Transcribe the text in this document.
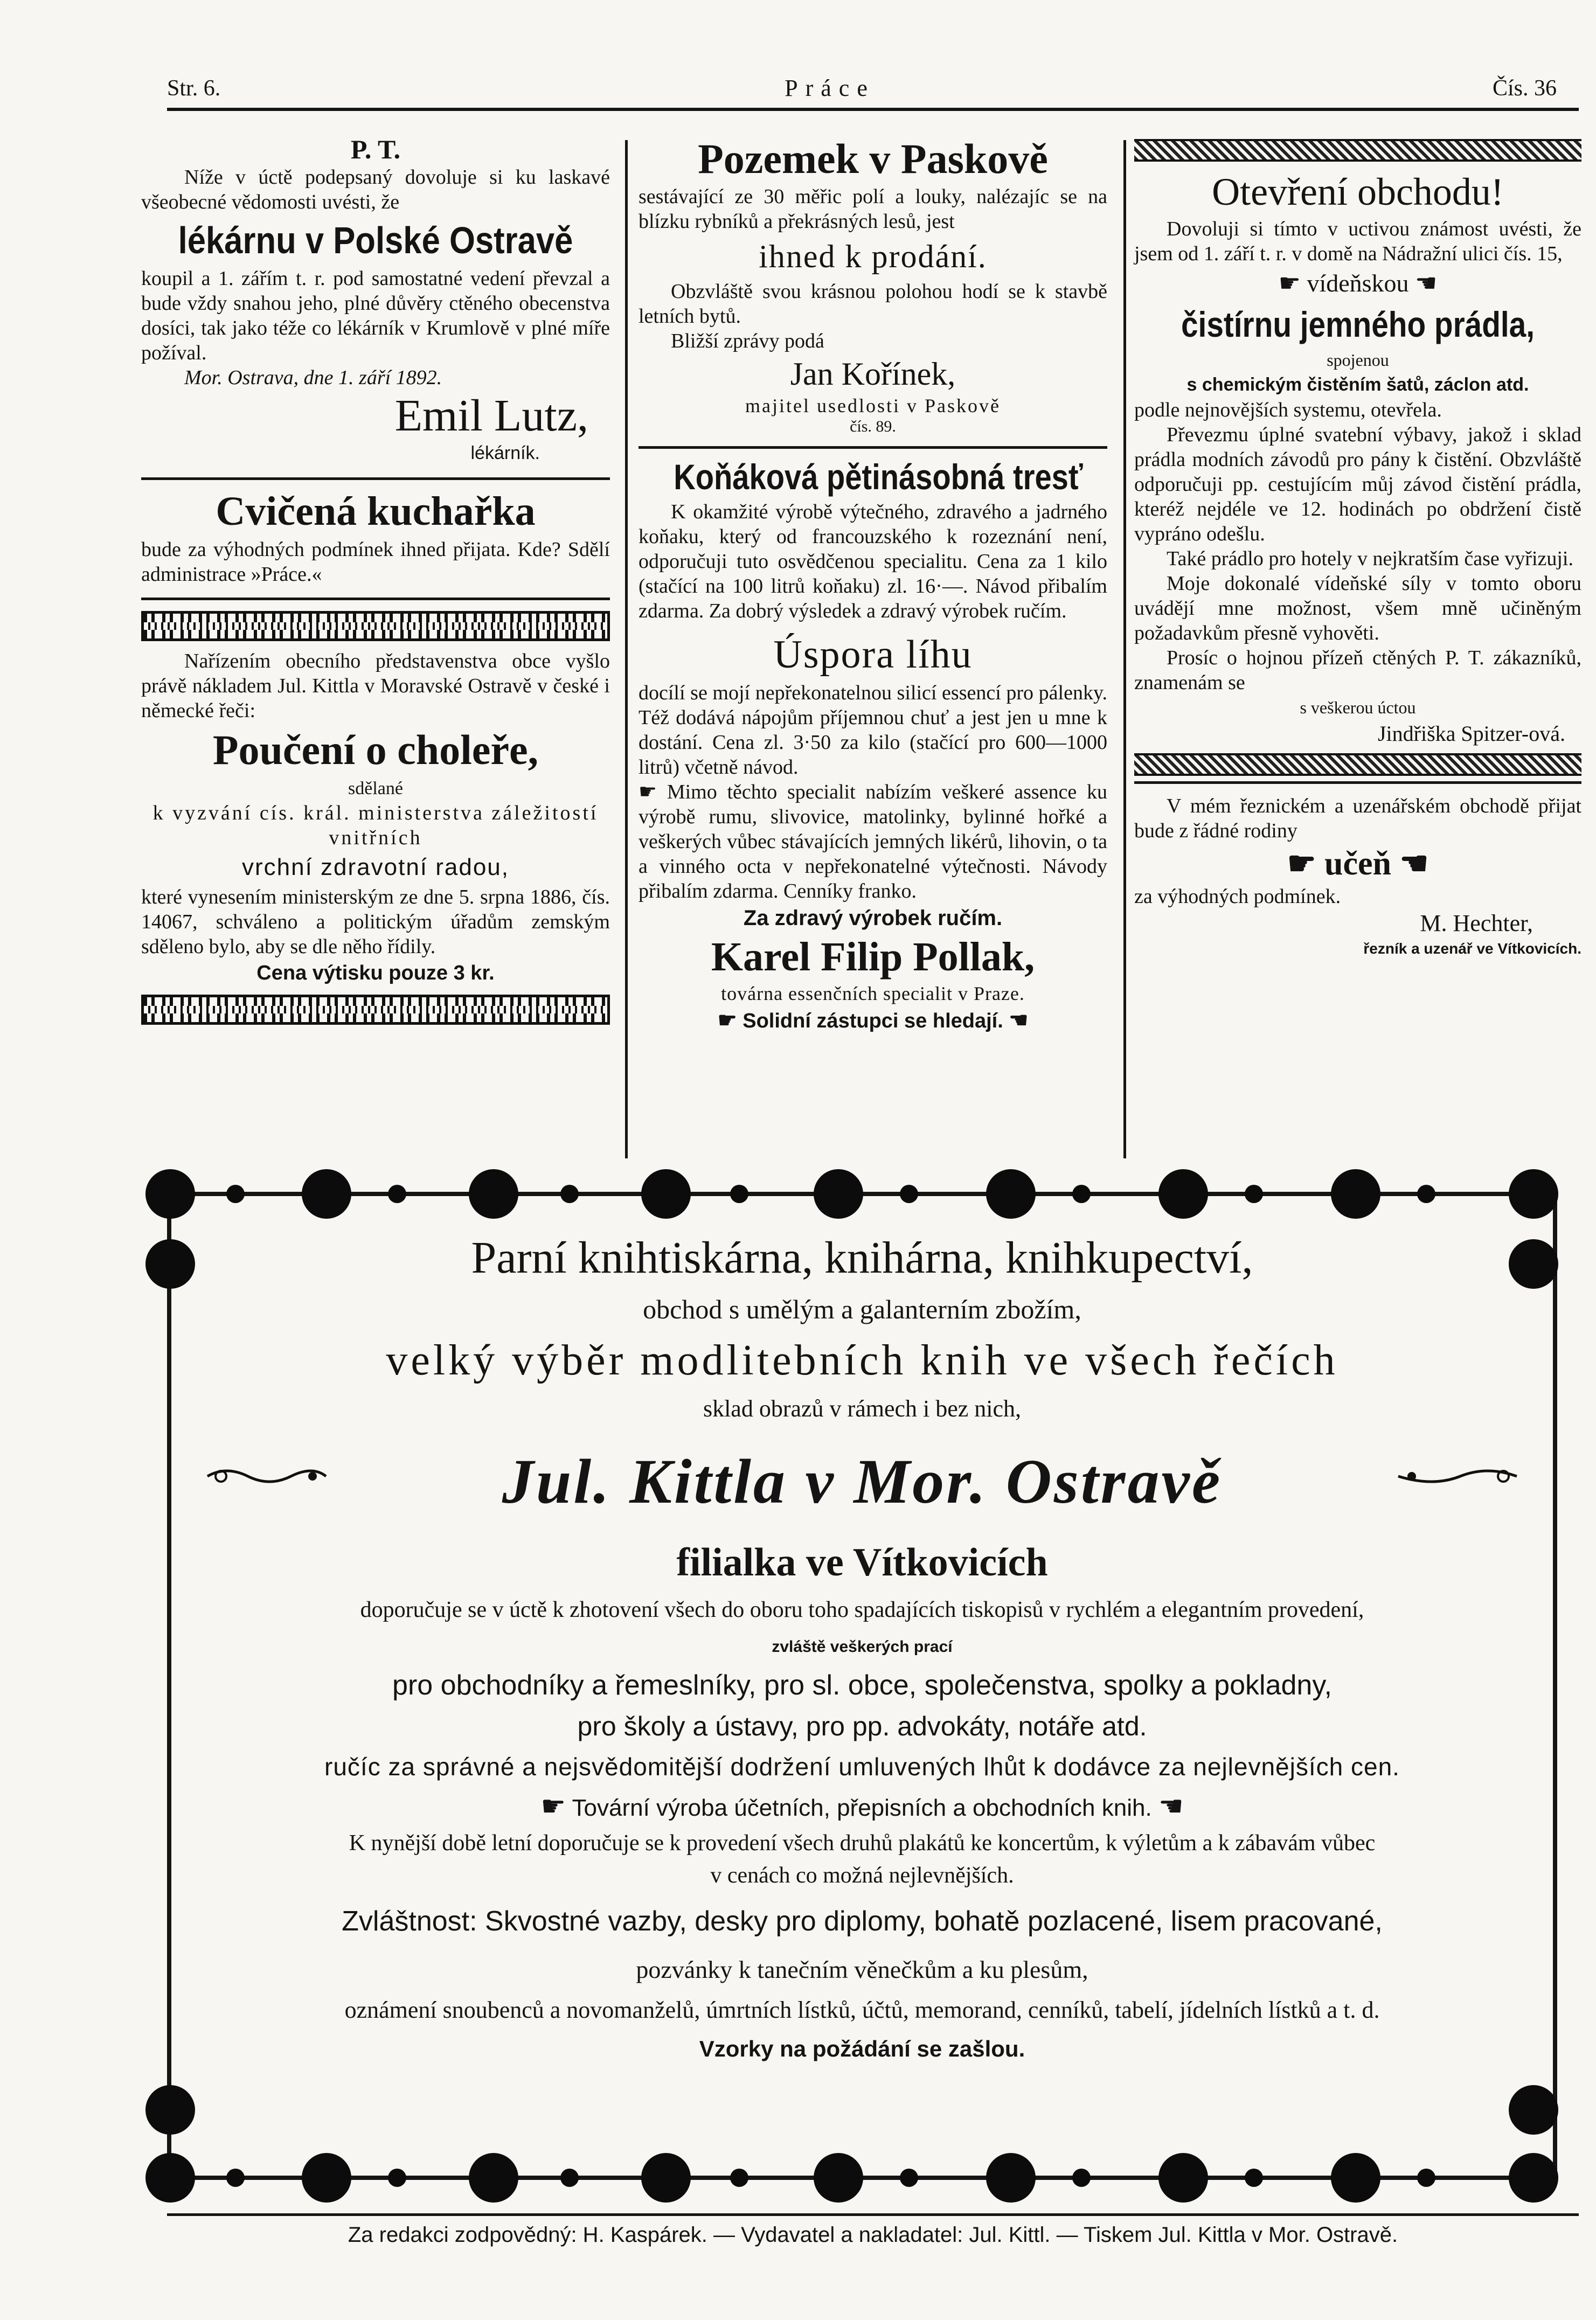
Str. 6.	Práce	Čís. 36
P. T.

Níže v úctě podepsaný dovoluje si ku laskavé všeobecné vědomosti uvésti, že

lékárnu v Polské Ostravě

koupil a 1. zářím t. r. pod samostatné vedení převzal a bude vždy snahou jeho, plné důvěry ctěného obecenstva dosíci, tak jako téže co lékárník v Krumlově v plné míře požíval.

Mor. Ostrava, dne 1. září 1892.
Emil Lutz,
lékárník.
Cvičená kuchařka

bude za výhodných podmínek ihned přijata. Kde? Sdělí administrace »Práce.«

Nařízením obecního představenstva obce vyšlo právě nákladem Jul. Kittla v Moravské Ostravě v české i německé řeči:

Poučení o choleře,
sdělané
k vyzvání cís. král. ministerstva záležitostí vnitřních
vrchní zdravotní radou,

které vynesením ministerským ze dne 5. srpna 1886, čís. 14067, schváleno a politickým úřadům zemským sděleno bylo, aby se dle něho řídily.

Cena výtisku pouze 3 kr.
Pozemek v Paskově

sestávající ze 30 měřic polí a louky, nalézajíc se na blízku rybníků a překrásných lesů, jest

ihned k prodání.

Obzvláště svou krásnou polohou hodí se k stavbě letních bytů.

Bližší zprávy podá

Jan Kořínek,
majitel usedlosti v Paskově
čís. 89.
Koňáková pětinásobná tresť

K okamžité výrobě výtečného, zdravého a jadrného koňaku, který od francouzského k rozeznání není, odporučuji tuto osvědčenou specialitu. Cena za 1 kilo (stačící na 100 litrů koňaku) zl. 16·—. Návod přibalím zdarma. Za dobrý výsledek a zdravý výrobek ručím.

Úspora líhu

docílí se mojí nepřekonatelnou silicí essencí pro pálenky. Též dodává nápojům příjemnou chuť a jest jen u mne k dostání. Cena zl. 3·50 za kilo (stačící pro 600—1000 litrů) včetně návod.

☛ Mimo těchto specialit nabízím veškeré assence ku výrobě rumu, slivovice, matolinky, bylinné hořké a veškerých vůbec stávajících jemných likérů, lihovin, o ta a vinného octa v nepřekonatelné výtečnosti. Návody přibalím zdarma. Cenníky franko.

Za zdravý výrobek ručím.
Karel Filip Pollak,
továrna essenčních specialit v Praze.
☛ Solidní zástupci se hledají. ☚
Otevření obchodu!

Dovoluji si tímto v uctivou známost uvésti, že jsem od 1. září t. r. v domě na Nádražní ulici čís. 15,

☛ vídeňskou ☚
čistírnu jemného prádla,
spojenou
s chemickým čistěním šatů, záclon atd.

podle nejnovějších systemu, otevřela.

Převezmu úplné svatební výbavy, jakož i sklad prádla modních závodů pro pány k čistění. Obzvláště odporučuji pp. cestujícím můj závod čistění prádla, kteréž nejdéle ve 12. hodinách po obdržení čistě vypráno odešlu.

Také prádlo pro hotely v nejkratším čase vyřizuji.

Moje dokonalé vídeňské síly v tomto oboru uvádějí mne možnost, všem mně učiněným požadavkům přesně vyhověti.

Prosíc o hojnou přízeň ctěných P. T. zákazníků, znamenám se

s veškerou úctou
Jindřiška Spitzer-ová.

V mém řeznickém a uzenářském obchodě přijat bude z řádné rodiny

☛ učeň ☚

za výhodných podmínek.

M. Hechter,
řezník a uzenář ve Vítkovicích.
Parní knihtiskárna, knihárna, knihkupectví,
obchod s umělým a galanterním zbožím,
velký výběr modlitebních knih ve všech řečích
sklad obrazů v rámech i bez nich,
Jul. Kittla v Mor. Ostravě
filialka ve Vítkovicích
doporučuje se v úctě k zhotovení všech do oboru toho spadajících tiskopisů v rychlém a elegantním provedení,
zvláště veškerých prací
pro obchodníky a řemeslníky, pro sl. obce, společenstva, spolky a pokladny,
pro školy a ústavy, pro pp. advokáty, notáře atd.
ručíc za správné a nejsvědomitější dodržení umluvených lhůt k dodávce za nejlevnějších cen.
☛ Tovární výroba účetních, přepisních a obchodních knih. ☚
K nynější době letní doporučuje se k provedení všech druhů plakátů ke koncertům, k výletům a k zábavám vůbec
v cenách co možná nejlevnějších.
Zvláštnost: Skvostné vazby, desky pro diplomy, bohatě pozlacené, lisem pracované,
pozvánky k tanečním věnečkům a ku plesům,
oznámení snoubenců a novomanželů, úmrtních lístků, účtů, memorand, cenníků, tabelí, jídelních lístků a t. d.
Vzorky na požádání se zašlou.
Za redakci zodpovědný: H. Kaspárek. — Vydavatel a nakladatel: Jul. Kittl. — Tiskem Jul. Kittla v Mor. Ostravě.
